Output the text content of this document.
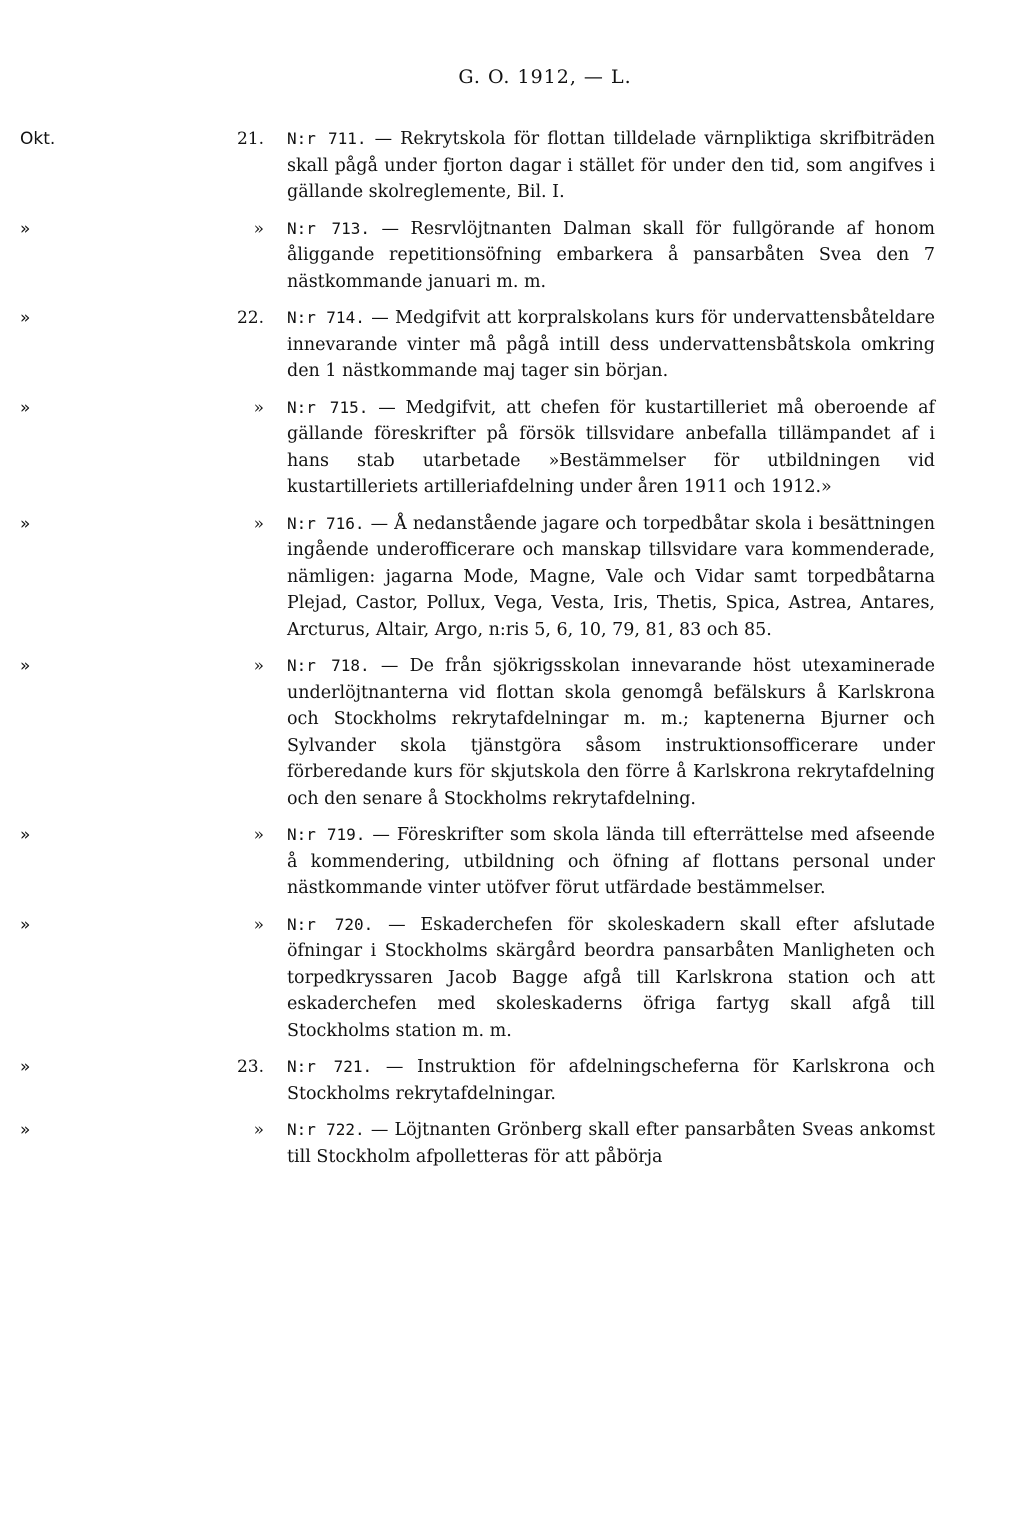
G. O. 1912, — L.
Okt.	21. N:r 711. — Rekrytskola för flottan tilldelade värnpliktiga skrifbiträden skall pågå under fjorton dagar i stället för under den tid, som angifves i gällande skolreglemente, Bil. I.
»	» N:r 713. — Resrvlöjtnanten Dalman skall för fullgörande af honom åliggande repetitionsöfning embarkera å pansarbåten Svea den 7 nästkommande januari m. m.
»	22. N:r 714. — Medgifvit att korpralskolans kurs för undervattensbåteldare innevarande vinter må pågå intill dess undervattensbåtskola omkring den 1 nästkommande maj tager sin början.
»	» N:r 715. — Medgifvit, att chefen för kustartilleriet må oberoende af gällande föreskrifter på försök tillsvidare anbefalla tillämpandet af i hans stab utarbetade »Bestämmelser för utbildningen vid kustartilleriets artilleriafdelning under åren 1911 och 1912.»
»	» N:r 716. — Å nedanstående jagare och torpedbåtar skola i besättningen ingående underofficerare och manskap tillsvidare vara kommenderade, nämligen: jagarna Mode, Magne, Vale och Vidar samt torpedbåtarna Plejad, Castor, Pollux, Vega, Vesta, Iris, Thetis, Spica, Astrea, Antares, Arcturus, Altair, Argo, n:ris 5, 6, 10, 79, 81, 83 och 85.
»	» N:r 718. — De från sjökrigsskolan innevarande höst utexaminerade underlöjtnanterna vid flottan skola genomgå befälskurs å Karlskrona och Stockholms rekrytafdelningar m. m.; kaptenerna Bjurner och Sylvander skola tjänstgöra såsom instruktionsofficerare under förberedande kurs för skjutskola den förre å Karlskrona rekrytafdelning och den senare å Stockholms rekrytafdelning.
»	» N:r 719. — Föreskrifter som skola lända till efterrättelse med afseende å kommendering, utbildning och öfning af flottans personal under nästkommande vinter utöfver förut utfärdade bestämmelser.
»	» N:r 720. — Eskaderchefen för skoleskadern skall efter afslutade öfningar i Stockholms skärgård beordra pansarbåten Manligheten och torpedkryssaren Jacob Bagge afgå till Karlskrona station och att eskaderchefen med skoleskaderns öfriga fartyg skall afgå till Stockholms station m. m.
»	23. N:r 721. — Instruktion för afdelningscheferna för Karlskrona och Stockholms rekrytafdelningar.
»	» N:r 722. — Löjtnanten Grönberg skall efter pansarbåten Sveas ankomst till Stockholm afpolletteras för att påbörja
